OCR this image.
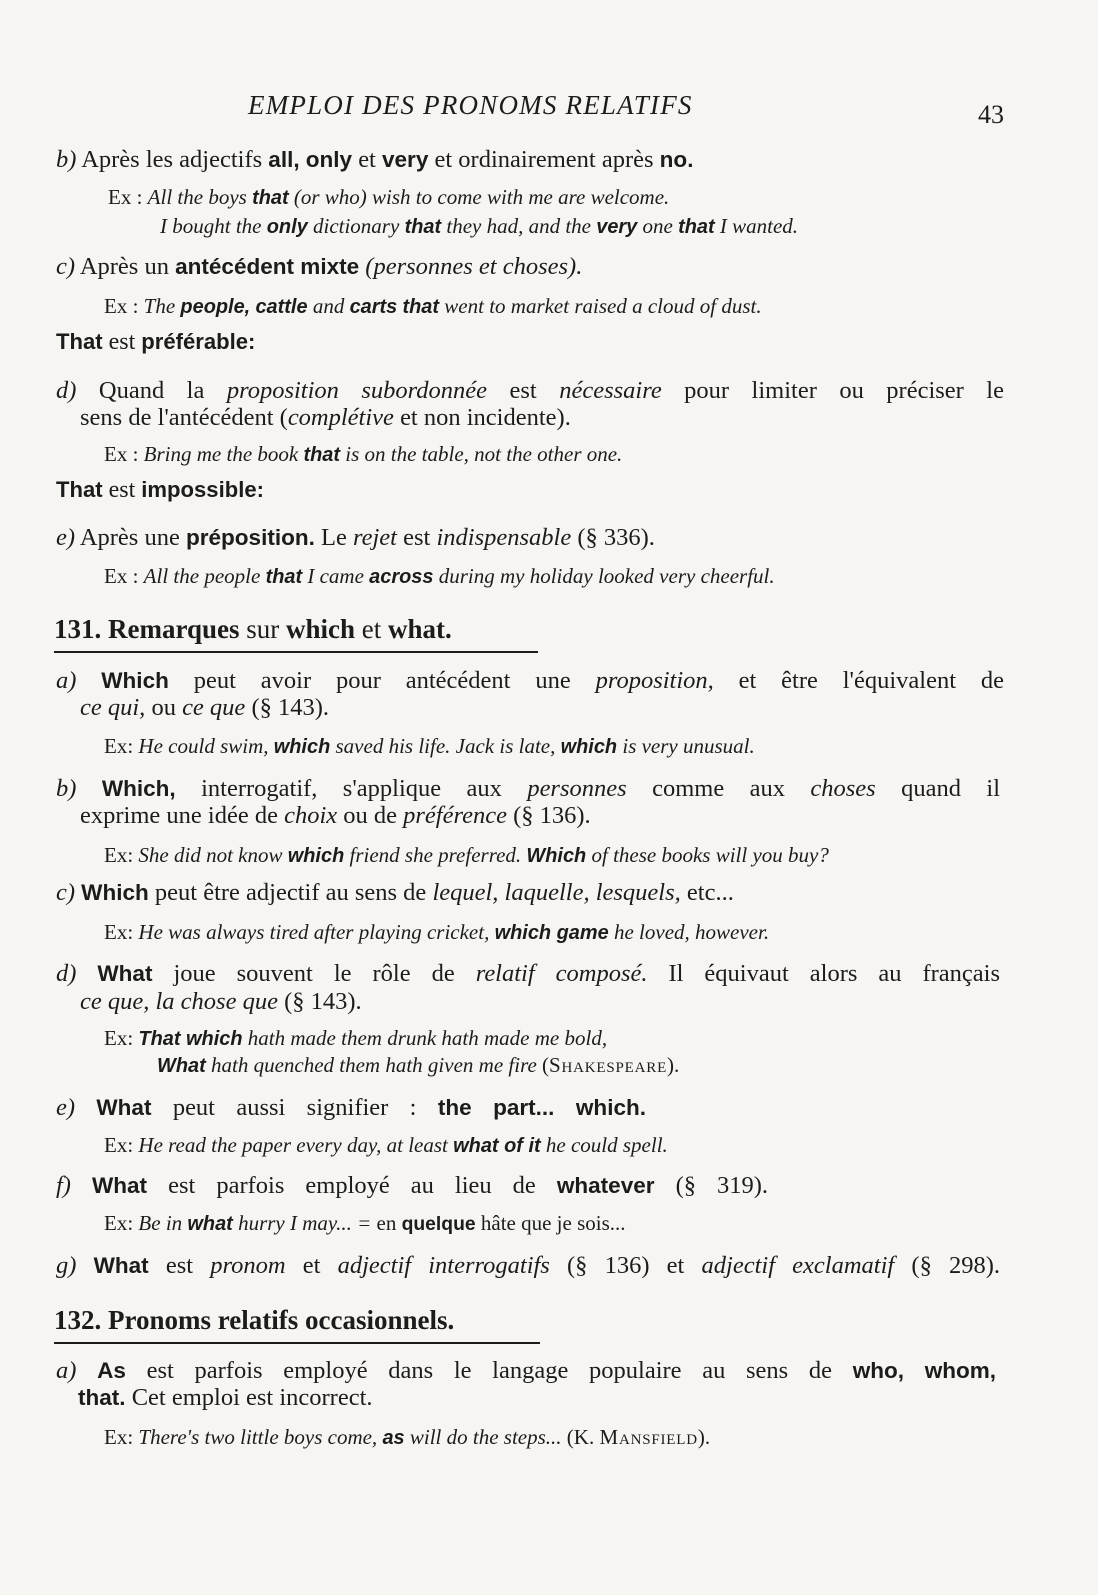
EMPLOI DES PRONOMS RELATIFS	43
b) Après les adjectifs all, only et very et ordinairement après no.
Ex : All the boys that (or who) wish to come with me are welcome.
I bought the only dictionary that they had, and the very one that I wanted.
c) Après un antécédent mixte (personnes et choses).
Ex : The people, cattle and carts that went to market raised a cloud of dust.
That est préférable:
d) Quand la proposition subordonnée est nécessaire pour limiter ou préciser le
sens de l'antécédent (complétive et non incidente).
Ex : Bring me the book that is on the table, not the other one.
That est impossible:
e) Après une préposition. Le rejet est indispensable (§ 336).
Ex : All the people that I came across during my holiday looked very cheerful.
131. Remarques sur which et what.
a) Which peut avoir pour antécédent une proposition, et être l'équivalent de
ce qui, ou ce que (§ 143).
Ex: He could swim, which saved his life. Jack is late, which is very unusual.
b) Which, interrogatif, s'applique aux personnes comme aux choses quand il
exprime une idée de choix ou de préférence (§ 136).
Ex: She did not know which friend she preferred. Which of these books will you buy?
c) Which peut être adjectif au sens de lequel, laquelle, lesquels, etc...
Ex: He was always tired after playing cricket, which game he loved, however.
d) What joue souvent le rôle de relatif composé. Il équivaut alors au français
ce que, la chose que (§ 143).
Ex: That which hath made them drunk hath made me bold,
What hath quenched them hath given me fire (Shakespeare).
e) What peut aussi signifier : the part... which.
Ex: He read the paper every day, at least what of it he could spell.
f) What est parfois employé au lieu de whatever (§ 319).
Ex: Be in what hurry I may... = en quelque hâte que je sois...
g) What est pronom et adjectif interrogatifs (§ 136) et adjectif exclamatif (§ 298).
132. Pronoms relatifs occasionnels.
a) As est parfois employé dans le langage populaire au sens de who, whom,
that. Cet emploi est incorrect.
Ex: There's two little boys come, as will do the steps... (K. Mansfield).
